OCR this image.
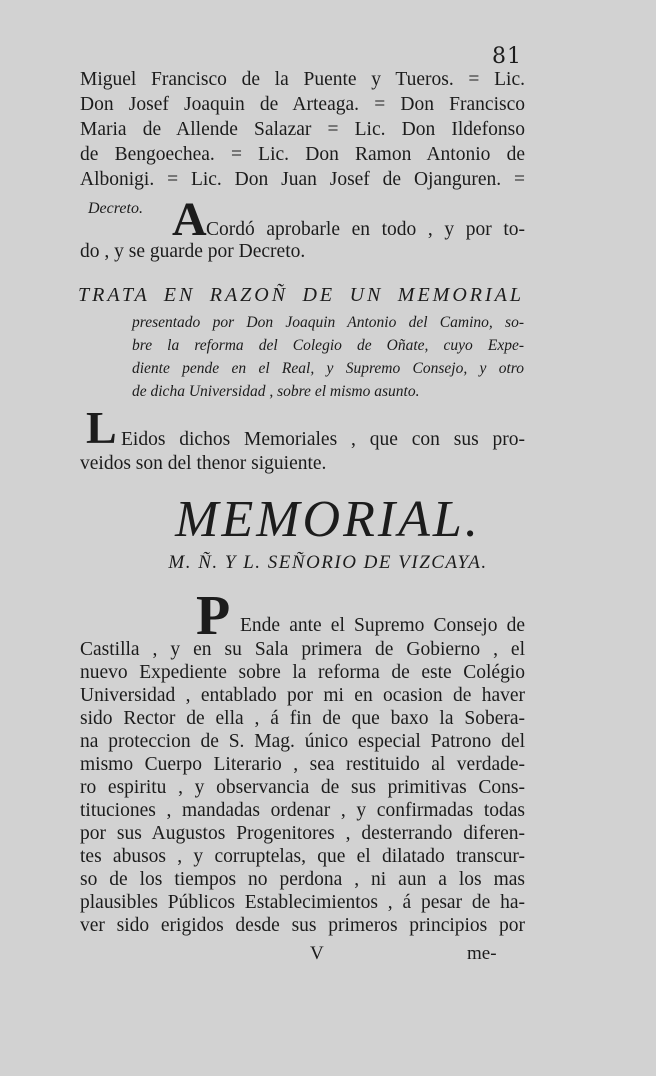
81
Miguel Francisco de la Puente y Tueros. = Lic.
Don Josef Joaquin de Arteaga. = Don Francisco
Maria de Allende Salazar = Lic. Don Ildefonso
de Bengoechea. = Lic. Don Ramon Antonio de
Albonigi. = Lic. Don Juan Josef de Ojanguren. =
Decreto. A Cordó aprobarle en todo , y por to-
do , y se guarde por Decreto.
TRATA EN RAZOÑ DE UN MEMORIAL
presentado por Don Joaquin Antonio del Camino, so-
bre la reforma del Colegio de Oñate, cuyo Expe-
diente pende en el Real, y Supremo Consejo, y otro
de dicha Universidad , sobre el mismo asunto.
L Eidos dichos Memoriales , que con sus pro-
veidos son del thenor siguiente.
MEMORIAL.
M. Ñ. Y L. SEÑORIO DE VIZCAYA.
P Ende ante el Supremo Consejo de
Castilla , y en su Sala primera de Gobierno , el
nuevo Expediente sobre la reforma de este Colégio
Universidad , entablado por mi en ocasion de haver
sido Rector de ella , á fin de que baxo la Sobera-
na proteccion de S. Mag. único especial Patrono del
mismo Cuerpo Literario , sea restituido al verdade-
ro espiritu , y observancia de sus primitivas Cons-
tituciones , mandadas ordenar , y confirmadas todas
por sus Augustos Progenitores , desterrando diferen-
tes abusos , y corruptelas, que el dilatado transcur-
so de los tiempos no perdona , ni aun a los mas
plausibles Públicos Establecimientos , á pesar de ha-
ver sido erigidos desde sus primeros principios por
V	me-
